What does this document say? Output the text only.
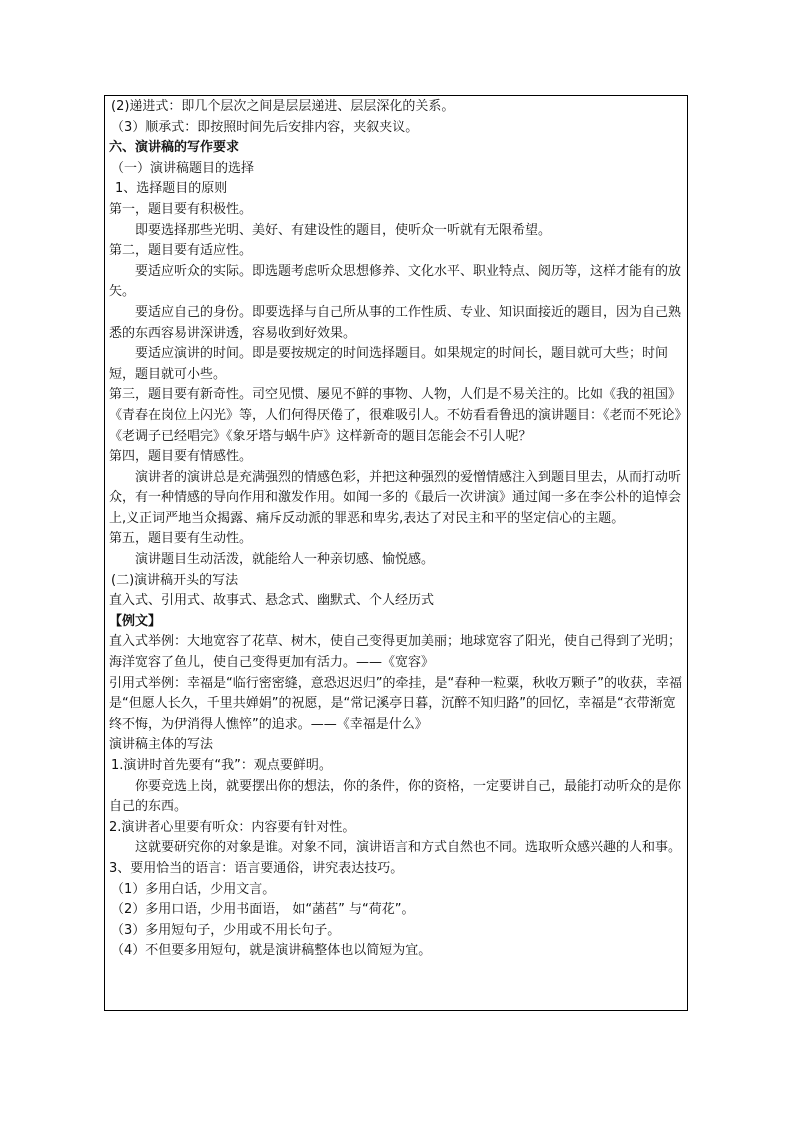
(2)递进式：即几个层次之间是层层递进、层层深化的关系。

（3）顺承式：即按照时间先后安排内容，夹叙夹议。

六、演讲稿的写作要求

（一）演讲稿题目的选择

1、选择题目的原则

第一，题目要有积极性。

即要选择那些光明、美好、有建设性的题目，使听众一听就有无限希望。

第二，题目要有适应性。

要适应听众的实际。即选题考虑听众思想修养、文化水平、职业特点、阅历等，这样才能有的放矢。

要适应自己的身份。即要选择与自己所从事的工作性质、专业、知识面接近的题目，因为自己熟悉的东西容易讲深讲透，容易收到好效果。

要适应演讲的时间。即是要按规定的时间选择题目。如果规定的时间长，题目就可大些；时间短，题目就可小些。

第三，题目要有新奇性。司空见惯、屡见不鲜的事物、人物，人们是不易关注的。比如《我的祖国》《青春在岗位上闪光》等，人们何得厌倦了，很难吸引人。不妨看看鲁迅的演讲题目：《老而不死论》《老调子已经唱完》《象牙塔与蜗牛庐》这样新奇的题目怎能会不引人呢？

第四，题目要有情感性。

演讲者的演讲总是充满强烈的情感色彩，并把这种强烈的爱憎情感注入到题目里去，从而打动听众，有一种情感的导向作用和激发作用。如闻一多的《最后一次讲演》通过闻一多在李公朴的追悼会上,义正词严地当众揭露、痛斥反动派的罪恶和卑劣,表达了对民主和平的坚定信心的主题。

第五，题目要有生动性。

演讲题目生动活泼，就能给人一种亲切感、愉悦感。

(二)演讲稿开头的写法

直入式、引用式、故事式、悬念式、幽默式、个人经历式

【例文】

直入式举例：大地宽容了花草、树木，使自己变得更加美丽；地球宽容了阳光，使自己得到了光明；海洋宽容了鱼儿，使自己变得更加有活力。——《宽容》

引用式举例：幸福是“临行密密缝，意恐迟迟归”的牵挂，是“春种一粒粟，秋收万颗子”的收获，幸福是“但愿人长久，千里共婵娟”的祝愿，是“常记溪亭日暮，沉醉不知归路”的回忆，幸福是“衣带渐宽终不悔，为伊消得人憔悴”的追求。——《幸福是什么》

演讲稿主体的写法

1.演讲时首先要有“我”：观点要鲜明。

你要竞选上岗，就要摆出你的想法，你的条件，你的资格，一定要讲自己，最能打动听众的是你自己的东西。

2.演讲者心里要有听众：内容要有针对性。

这就要研究你的对象是谁。对象不同，演讲语言和方式自然也不同。选取听众感兴趣的人和事。

3、要用恰当的语言：语言要通俗，讲究表达技巧。

（1）多用白话，少用文言。

（2）多用口语，少用书面语， 如“菡萏” 与“荷花”。

（3）多用短句子，少用或不用长句子。

（4）不但要多用短句，就是演讲稿整体也以简短为宜。
